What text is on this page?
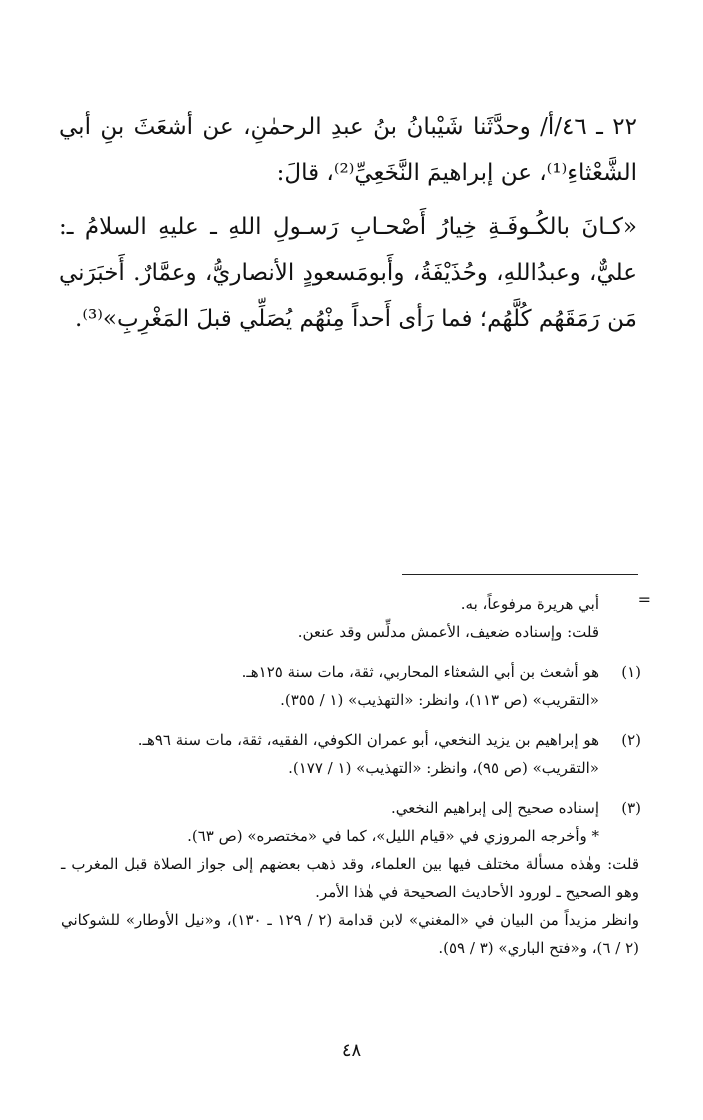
٢٢ ـ ٤٦/أ/ وحدَّثَنا شَيْبانُ بنُ عبدِ الرحمٰنِ، عن أشعَثَ بنِ أبي الشَّعْثاءِ⁽¹⁾، عن إبراهيمَ النَّخَعِيِّ⁽²⁾، قالَ:

«كـانَ بالكُـوفَـةِ خِيارُ أَصْحـابِ رَسـولِ اللهِ ـ عليهِ السلامُ ـ: عليٌّ، وعبدُاللهِ، وحُذَيْفَةُ، وأَبومَسعودٍ الأنصاريُّ، وعمَّارٌ. أَخبَرَني مَن رَمَقَهُم كُلَّهُم؛ فما رَأى أَحداً مِنْهُم يُصَلِّي قبلَ المَغْرِبِ»⁽³⁾.

=

أبي هريرة مرفوعاً، به.

قلت: وإسناده ضعيف، الأعمش مدلِّس وقد عنعن.

(١)

هو أشعث بن أبي الشعثاء المحاربي، ثقة، مات سنة ١٢٥هـ.

«التقريب» (ص ١١٣)، وانظر: «التهذيب» (١ / ٣٥٥).

(٢)

هو إبراهيم بن يزيد النخعي، أبو عمران الكوفي، الفقيه، ثقة، مات سنة ٩٦هـ.

«التقريب» (ص ٩٥)، وانظر: «التهذيب» (١ / ١٧٧).

(٣)

إسناده صحيح إلى إبراهيم النخعي.

* وأخرجه المروزي في «قيام الليل»، كما في «مختصره» (ص ٦٣).

قلت: وهٰذه مسألة مختلف فيها بين العلماء، وقد ذهب بعضهم إلى جواز الصلاة قبل المغرب ـ وهو الصحيح ـ لورود الأحاديث الصحيحة في هٰذا الأمر.

وانظر مزيداً من البيان في «المغني» لابن قدامة (٢ / ١٢٩ ـ ١٣٠)، و«نيل الأوطار» للشوكاني (٢ / ٦)، و«فتح الباري» (٣ / ٥٩).

٤٨
